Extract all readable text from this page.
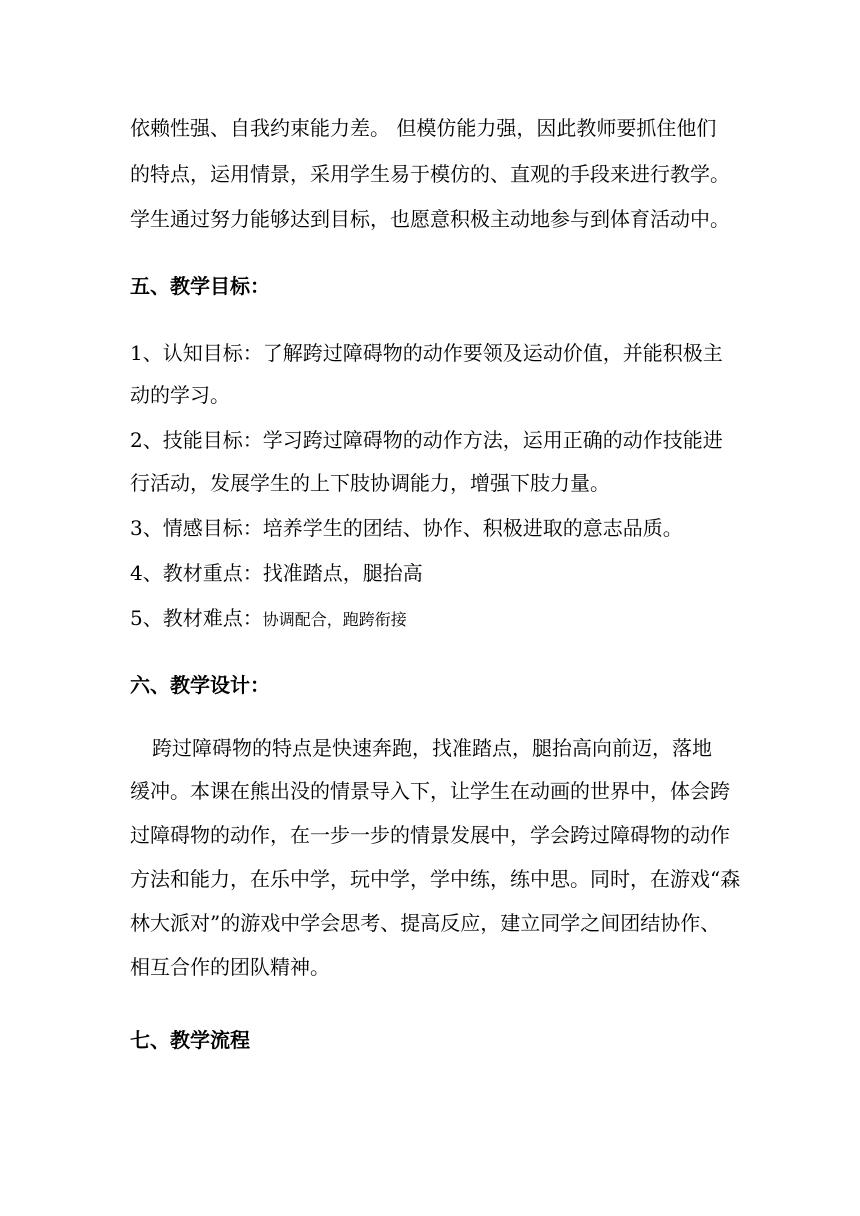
依赖性强、自我约束能力差。 但模仿能力强，因此教师要抓住他们
的特点，运用情景，采用学生易于模仿的、直观的手段来进行教学。
学生通过努力能够达到目标，也愿意积极主动地参与到体育活动中。
五、教学目标：
1、认知目标：了解跨过障碍物的动作要领及运动价值，并能积极主
动的学习。
2、技能目标：学习跨过障碍物的动作方法，运用正确的动作技能进
行活动，发展学生的上下肢协调能力，增强下肢力量。
3、情感目标：培养学生的团结、协作、积极进取的意志品质。
4、教材重点：找准踏点，腿抬高
5、教材难点：协调配合，跑跨衔接
六、教学设计：
跨过障碍物的特点是快速奔跑，找准踏点，腿抬高向前迈，落地
缓冲。本课在熊出没的情景导入下，让学生在动画的世界中，体会跨
过障碍物的动作，在一步一步的情景发展中，学会跨过障碍物的动作
方法和能力，在乐中学，玩中学，学中练，练中思。同时，在游戏“森
林大派对”的游戏中学会思考、提高反应，建立同学之间团结协作、
相互合作的团队精神。
七、教学流程
